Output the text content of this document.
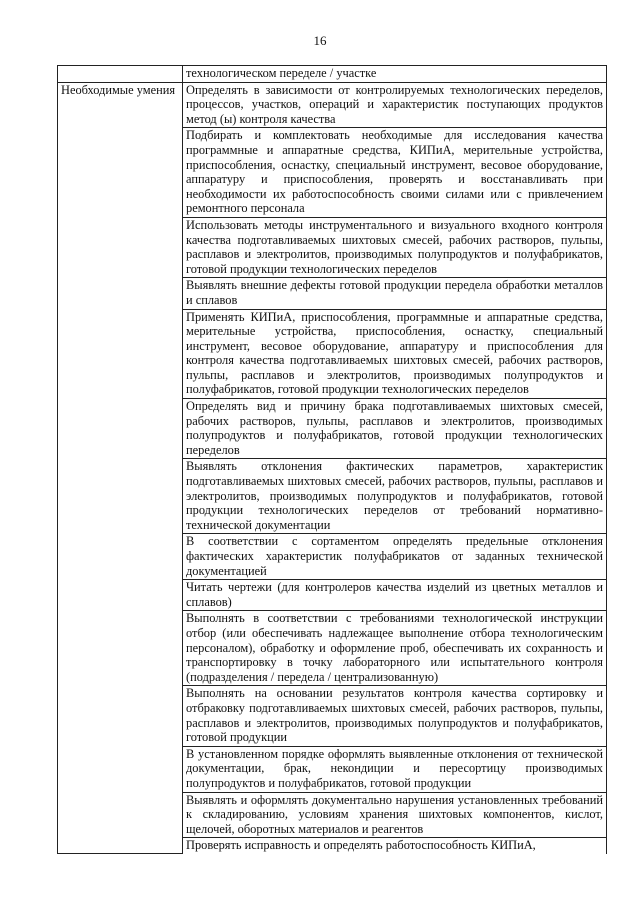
16
	технологическом переделе / участке
Необходимые умения	Определять в зависимости от контролируемых технологических переделов, процессов, участков, операций и характеристик поступающих продуктов метод (ы) контроля качества
	Подбирать и комплектовать необходимые для исследования качества программные и аппаратные средства, КИПиА, мерительные устройства, приспособления, оснастку, специальный инструмент, весовое оборудование, аппаратуру и приспособления, проверять и восстанавливать при необходимости их работоспособность своими силами или с привлечением ремонтного персонала
	Использовать методы инструментального и визуального входного контроля качества подготавливаемых шихтовых смесей, рабочих растворов, пульпы, расплавов и электролитов, производимых полупродуктов и полуфабрикатов, готовой продукции технологических переделов
	Выявлять внешние дефекты готовой продукции передела обработки металлов и сплавов
	Применять КИПиА, приспособления, программные и аппаратные средства, мерительные устройства, приспособления, оснастку, специальный инструмент, весовое оборудование, аппаратуру и приспособления для контроля качества подготавливаемых шихтовых смесей, рабочих растворов, пульпы, расплавов и электролитов, производимых полупродуктов и полуфабрикатов, готовой продукции технологических переделов
	Определять вид и причину брака подготавливаемых шихтовых смесей, рабочих растворов, пульпы, расплавов и электролитов, производимых полупродуктов и полуфабрикатов, готовой продукции технологических переделов
	Выявлять отклонения фактических параметров, характеристик подготавливаемых шихтовых смесей, рабочих растворов, пульпы, расплавов и электролитов, производимых полупродуктов и полуфабрикатов, готовой продукции технологических переделов от требований нормативно-технической документации
	В соответствии с сортаментом определять предельные отклонения фактических характеристик полуфабрикатов от заданных технической документацией
	Читать чертежи (для контролеров качества изделий из цветных металлов и сплавов)
	Выполнять в соответствии с требованиями технологической инструкции отбор (или обеспечивать надлежащее выполнение отбора технологическим персоналом), обработку и оформление проб, обеспечивать их сохранность и транспортировку в точку лабораторного или испытательного контроля (подразделения / передела / централизованную)
	Выполнять на основании результатов контроля качества сортировку и отбраковку подготавливаемых шихтовых смесей, рабочих растворов, пульпы, расплавов и электролитов, производимых полупродуктов и полуфабрикатов, готовой продукции
	В установленном порядке оформлять выявленные отклонения от технической документации, брак, некондиции и пересортицу производимых полупродуктов и полуфабрикатов, готовой продукции
	Выявлять и оформлять документально нарушения установленных требований к складированию, условиям хранения шихтовых компонентов, кислот, щелочей, оборотных материалов и реагентов
	Проверять исправность и определять работоспособность КИПиА,
